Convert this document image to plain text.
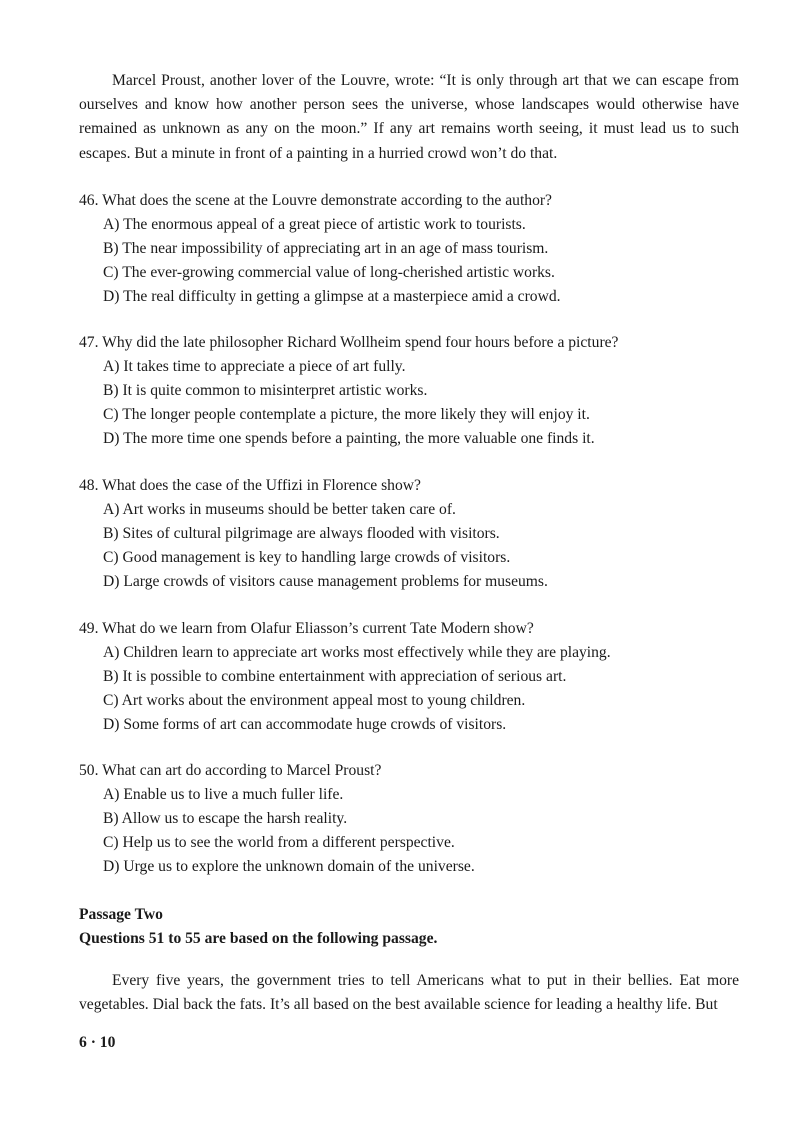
Marcel Proust, another lover of the Louvre, wrote: “It is only through art that we can escape from ourselves and know how another person sees the universe, whose landscapes would otherwise have remained as unknown as any on the moon.” If any art remains worth seeing, it must lead us to such escapes. But a minute in front of a painting in a hurried crowd won’t do that.

46. What does the scene at the Louvre demonstrate according to the author?
A) The enormous appeal of a great piece of artistic work to tourists.
B) The near impossibility of appreciating art in an age of mass tourism.
C) The ever-growing commercial value of long-cherished artistic works.
D) The real difficulty in getting a glimpse at a masterpiece amid a crowd.
47. Why did the late philosopher Richard Wollheim spend four hours before a picture?
A) It takes time to appreciate a piece of art fully.
B) It is quite common to misinterpret artistic works.
C) The longer people contemplate a picture, the more likely they will enjoy it.
D) The more time one spends before a painting, the more valuable one finds it.
48. What does the case of the Uffizi in Florence show?
A) Art works in museums should be better taken care of.
B) Sites of cultural pilgrimage are always flooded with visitors.
C) Good management is key to handling large crowds of visitors.
D) Large crowds of visitors cause management problems for museums.
49. What do we learn from Olafur Eliasson’s current Tate Modern show?
A) Children learn to appreciate art works most effectively while they are playing.
B) It is possible to combine entertainment with appreciation of serious art.
C) Art works about the environment appeal most to young children.
D) Some forms of art can accommodate huge crowds of visitors.
50. What can art do according to Marcel Proust?
A) Enable us to live a much fuller life.
B) Allow us to escape the harsh reality.
C) Help us to see the world from a different perspective.
D) Urge us to explore the unknown domain of the universe.
Passage Two
Questions 51 to 55 are based on the following passage.

Every five years, the government tries to tell Americans what to put in their bellies. Eat more vegetables. Dial back the fats. It’s all based on the best available science for leading a healthy life. But

6 · 10
